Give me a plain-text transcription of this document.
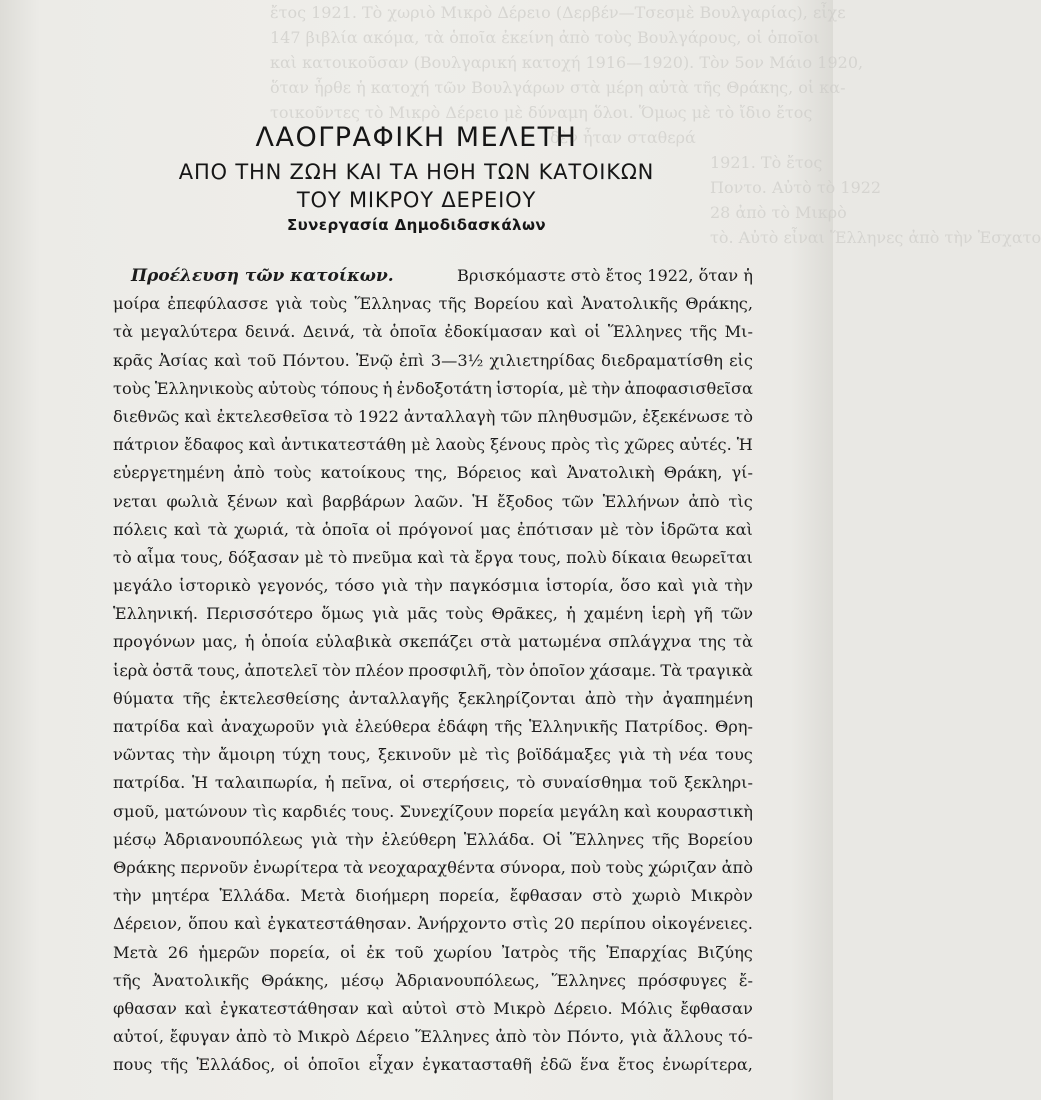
ἔτος 1921. Τὸ χωριὸ Μικρὸ Δέρειο (Δερβέν—Τσεσμὲ Βουλγαρίας), εἶχε
147 βιβλία ακόμα, τὰ ὁποῖα ἐκείνη ἀπὸ τοὺς Βουλγάρους, οἱ ὁποῖοι
καὶ κατοικοῦσαν (Βουλγαρική κατοχή 1916—1920). Τὸν 5ον Μάιο 1920,
ὅταν ἦρθε ἡ κατοχή τῶν Βουλγάρων στὰ μέρη αὐτὰ τῆς Θράκης, οἱ κα-
τοικοῦντες τὸ Μικρὸ Δέρειο μὲ δύναμη ὅλοι. Ὅμως μὲ τὸ ἴδιο ἔτος
δὲν ἦταν σταθερά
1921. Τὸ ἔτος
Ποντο. Αὐτὸ τὸ 1922
28 ἀπὸ τὸ Μικρὸ
τὸ. Αὐτὸ εἶναι Ἕλληνες ἀπὸ τὴν Ἑσχατο
ΛΑΟΓΡΑΦΙΚΗ ΜΕΛΕΤΗ
ΑΠΟ ΤΗΝ ΖΩΗ ΚΑΙ ΤΑ ΗΘΗ ΤΩΝ ΚΑΤΟΙΚΩΝ
ΤΟΥ ΜΙΚΡΟΥ ΔΕΡΕΙΟΥ
Συνεργασία Δημοδιδασκάλων
Προέλευση τῶν κατοίκων.	Βρισκόμαστε στὸ ἔτος 1922, ὅταν ἡ
μοίρα ἐπεφύλασσε γιὰ τοὺς Ἕλληνας τῆς Βορείου καὶ Ἀνατολικῆς Θράκης,
τὰ μεγαλύτερα δεινά. Δεινά, τὰ ὁποῖα ἐδοκίμασαν καὶ οἱ Ἕλληνες τῆς Μι-
κρᾶς Ἀσίας καὶ τοῦ Πόντου. Ἐνῷ ἐπὶ 3—3½ χιλιετηρίδας διεδραματίσθη εἰς
τοὺς Ἑλληνικοὺς αὐτοὺς τόπους ἡ ἐνδοξοτάτη ἱστορία, μὲ τὴν ἀποφασισθεῖσα
διεθνῶς καὶ ἐκτελεσθεῖσα τὸ 1922 ἀνταλλαγὴ τῶν πληθυσμῶν, ἐξεκένωσε τὸ
πάτριον ἔδαφος καὶ ἀντικατεστάθη μὲ λαοὺς ξένους πρὸς τὶς χῶρες αὐτές. Ἡ
εὐεργετημένη ἀπὸ τοὺς κατοίκους της, Βόρειος καὶ Ἀνατολικὴ Θράκη, γί-
νεται φωλιὰ ξένων καὶ βαρβάρων λαῶν. Ἡ ἔξοδος τῶν Ἑλλήνων ἀπὸ τὶς
πόλεις καὶ τὰ χωριά, τὰ ὁποῖα οἱ πρόγονοί μας ἐπότισαν μὲ τὸν ἱδρῶτα καὶ
τὸ αἷμα τους, δόξασαν μὲ τὸ πνεῦμα καὶ τὰ ἔργα τους, πολὺ δίκαια θεωρεῖται
μεγάλο ἱστορικὸ γεγονός, τόσο γιὰ τὴν παγκόσμια ἱστορία, ὅσο καὶ γιὰ τὴν
Ἑλληνική. Περισσότερο ὅμως γιὰ μᾶς τοὺς Θρᾶκες, ἡ χαμένη ἱερὴ γῆ τῶν
προγόνων μας, ἡ ὁποία εὐλαβικὰ σκεπάζει στὰ ματωμένα σπλάγχνα της τὰ
ἱερὰ ὀστᾶ τους, ἀποτελεῖ τὸν πλέον προσφιλῆ, τὸν ὁποῖον χάσαμε. Τὰ τραγικὰ
θύματα τῆς ἐκτελεσθείσης ἀνταλλαγῆς ξεκληρίζονται ἀπὸ τὴν ἀγαπημένη
πατρίδα καὶ ἀναχωροῦν γιὰ ἐλεύθερα ἐδάφη τῆς Ἑλληνικῆς Πατρίδος. Θρη-
νῶντας τὴν ἄμοιρη τύχη τους, ξεκινοῦν μὲ τὶς βοϊδάμαξες γιὰ τὴ νέα τους
πατρίδα. Ἡ ταλαιπωρία, ἡ πεῖνα, οἱ στερήσεις, τὸ συναίσθημα τοῦ ξεκληρι-
σμοῦ, ματώνουν τὶς καρδιές τους. Συνεχίζουν πορεία μεγάλη καὶ κουραστικὴ
μέσῳ Ἀδριανουπόλεως γιὰ τὴν ἐλεύθερη Ἑλλάδα. Οἱ Ἕλληνες τῆς Βορείου
Θράκης περνοῦν ἐνωρίτερα τὰ νεοχαραχθέντα σύνορα, ποὺ τοὺς χώριζαν ἀπὸ
τὴν μητέρα Ἑλλάδα. Μετὰ διοήμερη πορεία, ἔφθασαν στὸ χωριὸ Μικρὸν
Δέρειον, ὅπου καὶ ἐγκατεστάθησαν. Ἀνήρχοντο στὶς 20 περίπου οἰκογένειες.
Μετὰ 26 ἡμερῶν πορεία, οἱ ἐκ τοῦ χωρίου Ἰατρὸς τῆς Ἐπαρχίας Βιζύης
τῆς Ἀνατολικῆς Θράκης, μέσῳ Ἀδριανουπόλεως, Ἕλληνες πρόσφυγες ἔ-
φθασαν καὶ ἐγκατεστάθησαν καὶ αὐτοὶ στὸ Μικρὸ Δέρειο. Μόλις ἔφθασαν
αὐτοί, ἔφυγαν ἀπὸ τὸ Μικρὸ Δέρειο Ἕλληνες ἀπὸ τὸν Πόντο, γιὰ ἄλλους τό-
πους τῆς Ἑλλάδος, οἱ ὁποῖοι εἶχαν ἐγκατασταθῆ ἐδῶ ἕνα ἔτος ἐνωρίτερα,
